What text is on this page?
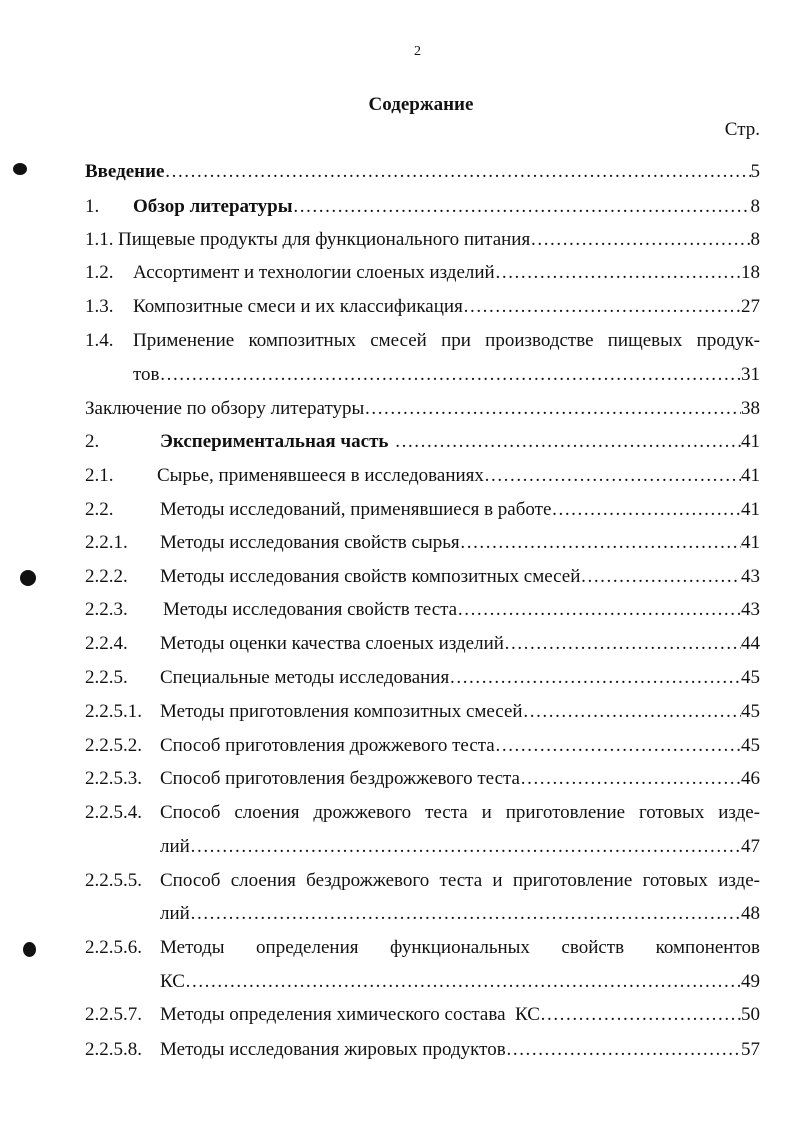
2
Содержание
Стр.
Введение ……………………………………………………………………………………………………………………………………………………………………	5
1.	Обзор литературы ……………………………………………………………………………………………………………………………………………………………………	8
1.1. Пищевые продукты для функционального питания ……………………………………………………………………………………………………………………………………………………………………	8
1.2.	Ассортимент и технологии слоеных изделий ……………………………………………………………………………………………………………………………………………………………………	18
1.3.	Композитные смеси и их классификация ……………………………………………………………………………………………………………………………………………………………………	27
1.4.	Применение композитных смесей при производстве пищевых продук-
тов ……………………………………………………………………………………………………………………………………………………………………	31
Заключение по обзору литературы ……………………………………………………………………………………………………………………………………………………………………	38
2.	Экспериментальная часть ……………………………………………………………………………………………………………………………………………………………………	41
2.1.	Сырье, применявшееся в исследованиях ……………………………………………………………………………………………………………………………………………………………………	41
2.2.	Методы исследований, применявшиеся в работе ……………………………………………………………………………………………………………………………………………………………………	41
2.2.1.	Методы исследования свойств сырья ……………………………………………………………………………………………………………………………………………………………………	41
2.2.2.	Методы исследования свойств композитных смесей ……………………………………………………………………………………………………………………………………………………………………	43
2.2.3.	Методы исследования свойств теста ……………………………………………………………………………………………………………………………………………………………………	43
2.2.4.	Методы оценки качества слоеных изделий ……………………………………………………………………………………………………………………………………………………………………	44
2.2.5.	Специальные методы исследования ……………………………………………………………………………………………………………………………………………………………………	45
2.2.5.1. Методы приготовления композитных смесей ……………………………………………………………………………………………………………………………………………………………………	45
2.2.5.2. Способ приготовления дрожжевого теста ……………………………………………………………………………………………………………………………………………………………………	45
2.2.5.3. Способ приготовления бездрожжевого теста ……………………………………………………………………………………………………………………………………………………………………	46
2.2.5.4. Способ слоения дрожжевого теста и приготовление готовых изде-
лий ……………………………………………………………………………………………………………………………………………………………………	47
2.2.5.5. Способ слоения бездрожжевого теста и приготовление готовых изде-
лий ……………………………………………………………………………………………………………………………………………………………………	48
2.2.5.6. Методы определения функциональных свойств компонентов
КС ……………………………………………………………………………………………………………………………………………………………………	49
2.2.5.7. Методы определения химического состава  КС ……………………………………………………………………………………………………………………………………………………………………	50
2.2.5.8. Методы исследования жировых продуктов ……………………………………………………………………………………………………………………………………………………………………	57
